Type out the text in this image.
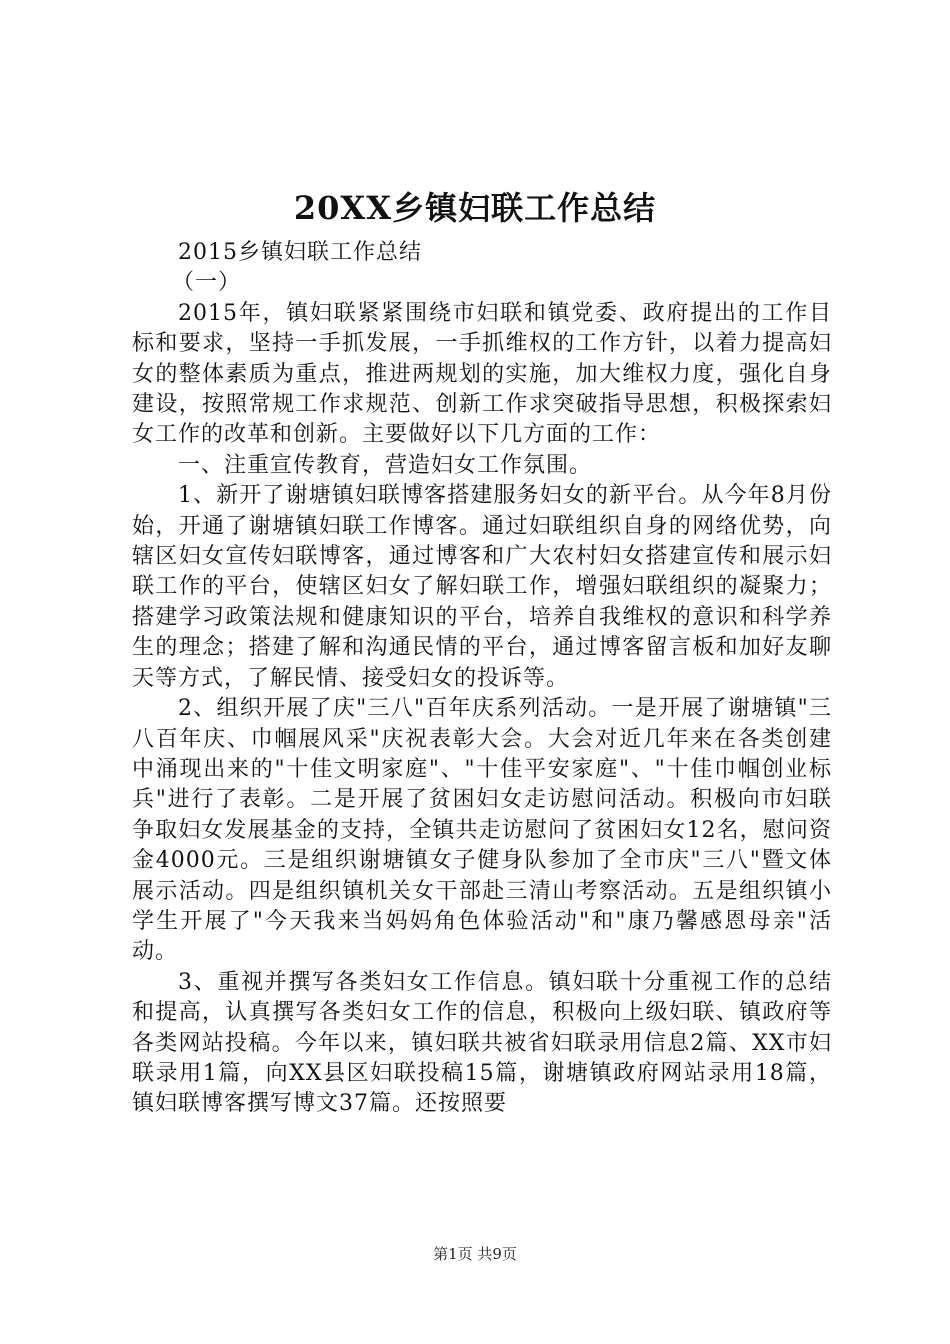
20XX乡镇妇联工作总结

2015乡镇妇联工作总结

（一）

2015年，镇妇联紧紧围绕市妇联和镇党委、政府提出的工作目标和要求，坚持一手抓发展，一手抓维权的工作方针，以着力提高妇女的整体素质为重点，推进两规划的实施，加大维权力度，强化自身建设，按照常规工作求规范、创新工作求突破指导思想，积极探索妇女工作的改革和创新。主要做好以下几方面的工作：

一、注重宣传教育，营造妇女工作氛围。

1、新开了谢塘镇妇联博客搭建服务妇女的新平台。从今年8月份始，开通了谢塘镇妇联工作博客。通过妇联组织自身的网络优势，向辖区妇女宣传妇联博客，通过博客和广大农村妇女搭建宣传和展示妇联工作的平台，使辖区妇女了解妇联工作，增强妇联组织的凝聚力；搭建学习政策法规和健康知识的平台，培养自我维权的意识和科学养生的理念；搭建了解和沟通民情的平台，通过博客留言板和加好友聊天等方式，了解民情、接受妇女的投诉等。

2、组织开展了庆"三八"百年庆系列活动。一是开展了谢塘镇"三八百年庆、巾帼展风采"庆祝表彰大会。大会对近几年来在各类创建中涌现出来的"十佳文明家庭"、"十佳平安家庭"、"十佳巾帼创业标兵"进行了表彰。二是开展了贫困妇女走访慰问活动。积极向市妇联争取妇女发展基金的支持，全镇共走访慰问了贫困妇女12名，慰问资金4000元。三是组织谢塘镇女子健身队参加了全市庆"三八"暨文体展示活动。四是组织镇机关女干部赴三清山考察活动。五是组织镇小学生开展了"今天我来当妈妈角色体验活动"和"康乃馨感恩母亲"活动。

3、重视并撰写各类妇女工作信息。镇妇联十分重视工作的总结和提高，认真撰写各类妇女工作的信息，积极向上级妇联、镇政府等各类网站投稿。今年以来，镇妇联共被省妇联录用信息2篇、XX市妇联录用1篇，向XX县区妇联投稿15篇，谢塘镇政府网站录用18篇，镇妇联博客撰写博文37篇。还按照要

第1页 共9页
